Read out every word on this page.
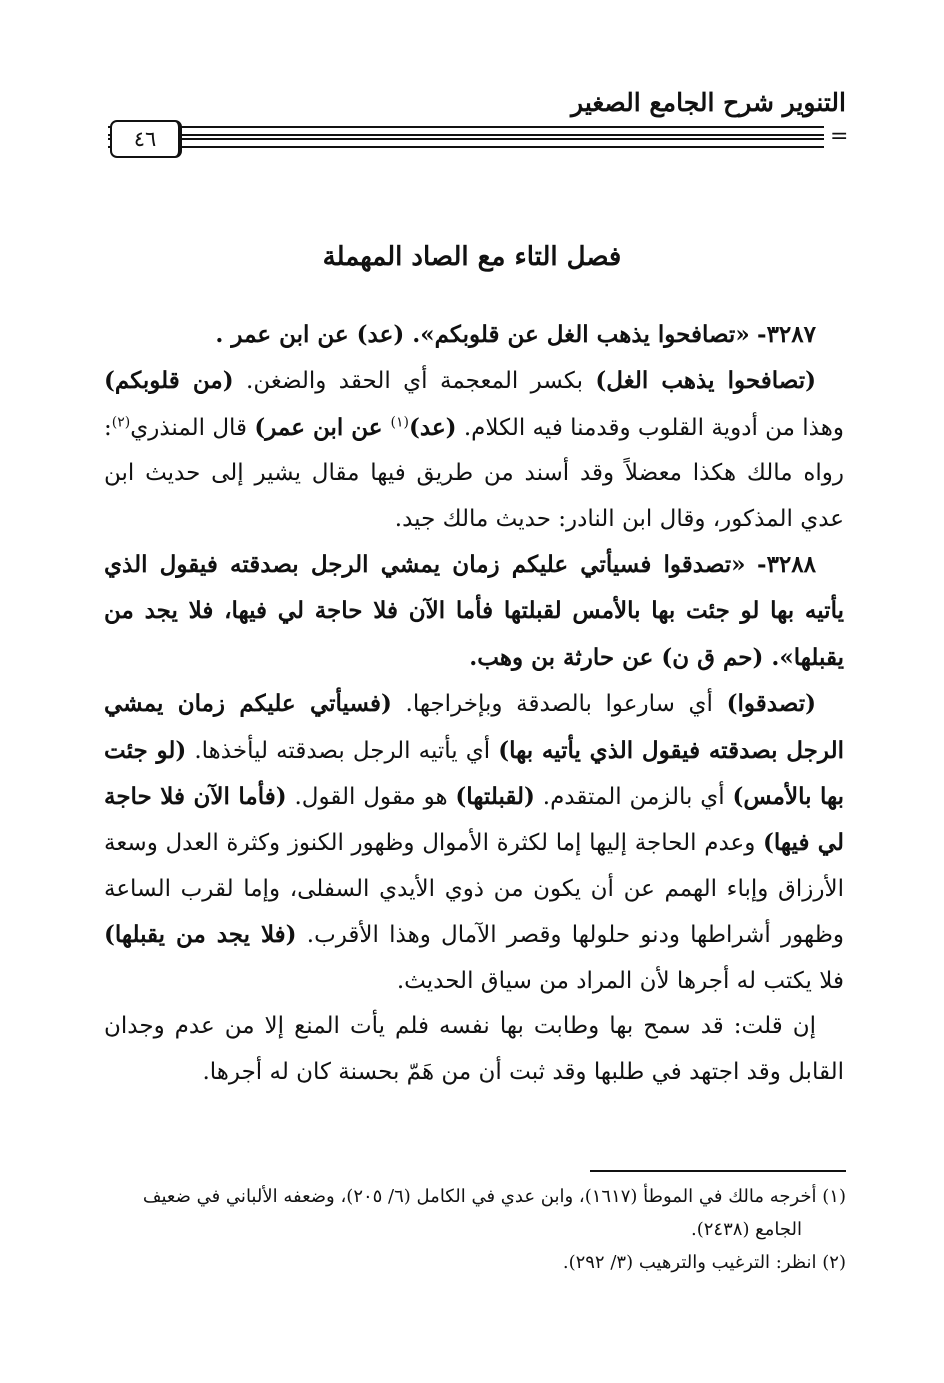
التنوير شرح الجامع الصغير
٤٦	=
فصل التاء مع الصاد المهملة

٣٢٨٧- «تصافحوا يذهب الغل عن قلوبكم». (عد) عن ابن عمر .

(تصافحوا يذهب الغل) بكسر المعجمة أي الحقد والضغن. (من قلوبكم) وهذا من أدوية القلوب وقدمنا فيه الكلام. (عد)$^{(١)}$ عن ابن عمر) قال المنذري$^{(٢)}$: رواه مالك هكذا معضلاً وقد أسند من طريق فيها مقال يشير إلى حديث ابن عدي المذكور، وقال ابن النادر: حديث مالك جيد.

٣٢٨٨- «تصدقوا فسيأتي عليكم زمان يمشي الرجل بصدقته فيقول الذي يأتيه بها لو جئت بها بالأمس لقبلتها فأما الآن فلا حاجة لي فيها، فلا يجد من يقبلها». (حم ق ن) عن حارثة بن وهب.

(تصدقوا) أي سارعوا بالصدقة وبإخراجها. (فسيأتي عليكم زمان يمشي الرجل بصدقته فيقول الذي يأتيه بها) أي يأتيه الرجل بصدقته ليأخذها. (لو جئت بها بالأمس) أي بالزمن المتقدم. (لقبلتها) هو مقول القول. (فأما الآن فلا حاجة لي فيها) وعدم الحاجة إليها إما لكثرة الأموال وظهور الكنوز وكثرة العدل وسعة الأرزاق وإباء الهمم عن أن يكون من ذوي الأيدي السفلى، وإما لقرب الساعة وظهور أشراطها ودنو حلولها وقصر الآمال وهذا الأقرب. (فلا يجد من يقبلها) فلا يكتب له أجرها لأن المراد من سياق الحديث.

إن قلت: قد سمح بها وطابت بها نفسه فلم يأت المنع إلا من عدم وجدان القابل وقد اجتهد في طلبها وقد ثبت أن من هَمّ بحسنة كان له أجرها.

(١) أخرجه مالك في الموطأ (١٦١٧)، وابن عدي في الكامل (٦/ ٢٠٥)، وضعفه الألباني في ضعيف

الجامع (٢٤٣٨).

(٢) انظر: الترغيب والترهيب (٣/ ٢٩٢).
